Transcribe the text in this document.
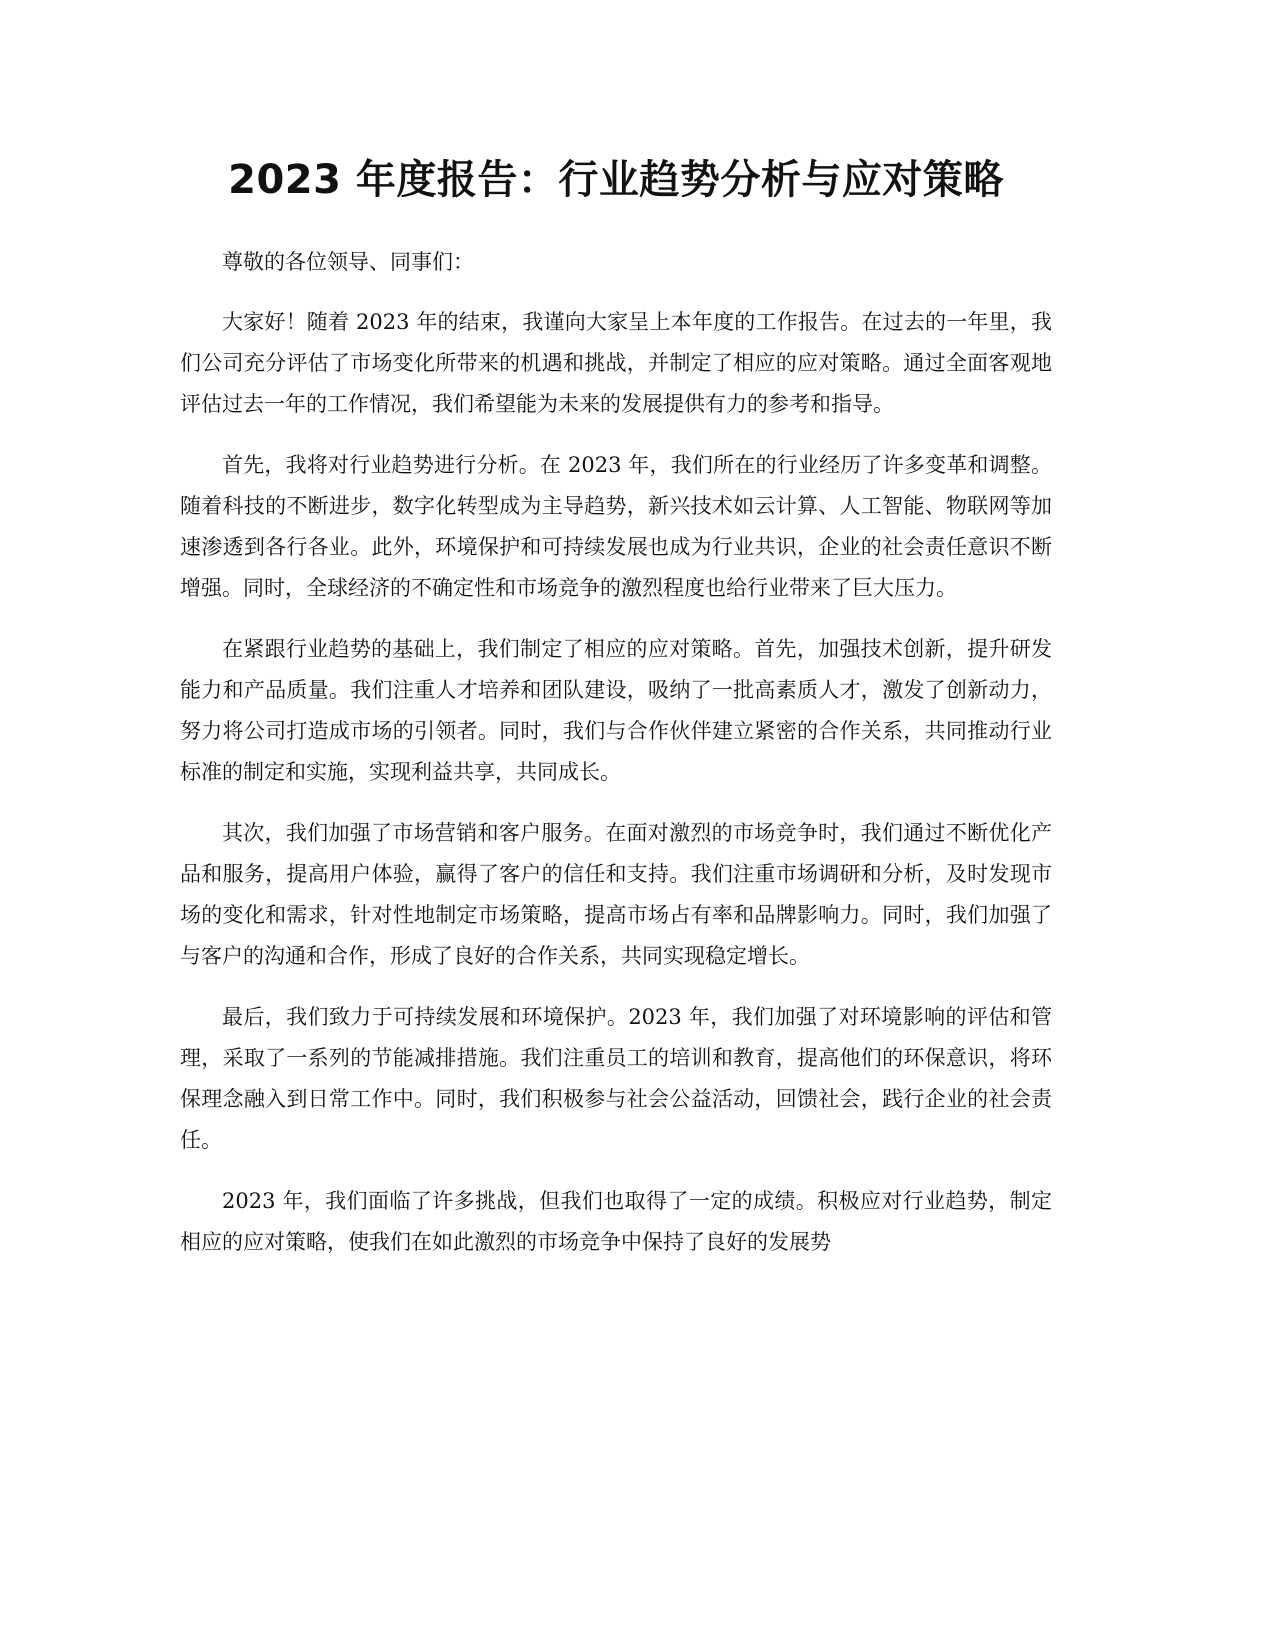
2023 年度报告：行业趋势分析与应对策略

尊敬的各位领导、同事们：

大家好！随着 2023 年的结束，我谨向大家呈上本年度的工作报告。在过去的一年里，我们公司充分评估了市场变化所带来的机遇和挑战，并制定了相应的应对策略。通过全面客观地评估过去一年的工作情况，我们希望能为未来的发展提供有力的参考和指导。

首先，我将对行业趋势进行分析。在 2023 年，我们所在的行业经历了许多变革和调整。随着科技的不断进步，数字化转型成为主导趋势，新兴技术如云计算、人工智能、物联网等加速渗透到各行各业。此外，环境保护和可持续发展也成为行业共识，企业的社会责任意识不断增强。同时，全球经济的不确定性和市场竞争的激烈程度也给行业带来了巨大压力。

在紧跟行业趋势的基础上，我们制定了相应的应对策略。首先，加强技术创新，提升研发能力和产品质量。我们注重人才培养和团队建设，吸纳了一批高素质人才，激发了创新动力，努力将公司打造成市场的引领者。同时，我们与合作伙伴建立紧密的合作关系，共同推动行业标准的制定和实施，实现利益共享，共同成长。

其次，我们加强了市场营销和客户服务。在面对激烈的市场竞争时，我们通过不断优化产品和服务，提高用户体验，赢得了客户的信任和支持。我们注重市场调研和分析，及时发现市场的变化和需求，针对性地制定市场策略，提高市场占有率和品牌影响力。同时，我们加强了与客户的沟通和合作，形成了良好的合作关系，共同实现稳定增长。

最后，我们致力于可持续发展和环境保护。2023 年，我们加强了对环境影响的评估和管理，采取了一系列的节能减排措施。我们注重员工的培训和教育，提高他们的环保意识，将环保理念融入到日常工作中。同时，我们积极参与社会公益活动，回馈社会，践行企业的社会责任。

2023 年，我们面临了许多挑战，但我们也取得了一定的成绩。积极应对行业趋势，制定相应的应对策略，使我们在如此激烈的市场竞争中保持了良好的发展势
